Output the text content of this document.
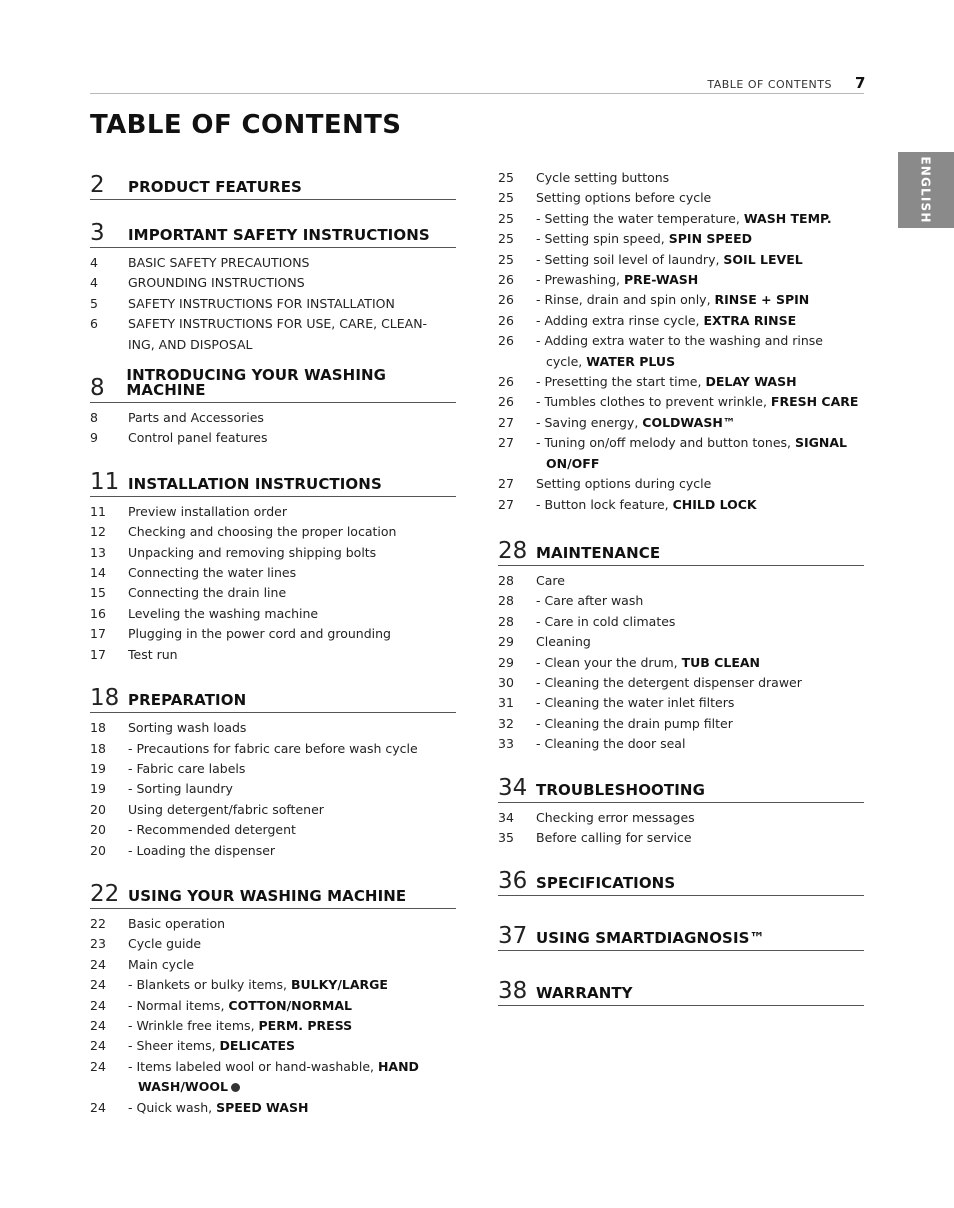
TABLE OF CONTENTS 7
TABLE OF CONTENTS
ENGLISH
2	PRODUCT FEATURES
3	IMPORTANT SAFETY INSTRUCTIONS
4	BASIC SAFETY PRECAUTIONS
4	GROUNDING INSTRUCTIONS
5	SAFETY INSTRUCTIONS FOR INSTALLATION
6	SAFETY INSTRUCTIONS FOR USE, CARE, CLEAN-
ING, AND DISPOSAL
8	INTRODUCING YOUR WASHING MACHINE
8	Parts and Accessories
9	Control panel features
11 INSTALLATION INSTRUCTIONS
11	Preview installation order
12	Checking and choosing the proper location
13	Unpacking and removing shipping bolts
14	Connecting the water lines
15	Connecting the drain line
16	Leveling the washing machine
17	Plugging in the power cord and grounding
17	Test run
18 PREPARATION
18	Sorting wash loads
18	- Precautions for fabric care before wash cycle
19	- Fabric care labels
19	- Sorting laundry
20	Using detergent/fabric softener
20	- Recommended detergent
20	- Loading the dispenser
22 USING YOUR WASHING MACHINE
22	Basic operation
23	Cycle guide
24	Main cycle
24	- Blankets or bulky items, BULKY/LARGE
24	- Normal items, COTTON/NORMAL
24	- Wrinkle free items, PERM. PRESS
24	- Sheer items, DELICATES
24	- Items labeled wool or hand-washable, HAND
WASH/WOOL
24	- Quick wash, SPEED WASH
25	Cycle setting buttons
25	Setting options before cycle
25	- Setting the water temperature, WASH TEMP.
25	- Setting spin speed, SPIN SPEED
25	- Setting soil level of laundry, SOIL LEVEL
26	- Prewashing, PRE-WASH
26	- Rinse, drain and spin only, RINSE + SPIN
26	- Adding extra rinse cycle, EXTRA RINSE
26	- Adding extra water to the washing and rinse
cycle, WATER PLUS
26	- Presetting the start time, DELAY WASH
26	- Tumbles clothes to prevent wrinkle, FRESH CARE
27	- Saving energy, COLDWASH™
27	- Tuning on/off melody and button tones, SIGNAL
ON/OFF
27	Setting options during cycle
27	- Button lock feature, CHILD LOCK
28 MAINTENANCE
28	Care
28	- Care after wash
28	- Care in cold climates
29	Cleaning
29	- Clean your the drum, TUB CLEAN
30	- Cleaning the detergent dispenser drawer
31	- Cleaning the water inlet filters
32	- Cleaning the drain pump filter
33	- Cleaning the door seal
34 TROUBLESHOOTING
34	Checking error messages
35	Before calling for service
36 SPECIFICATIONS
37 USING SMARTDIAGNOSIS™
38 WARRANTY
